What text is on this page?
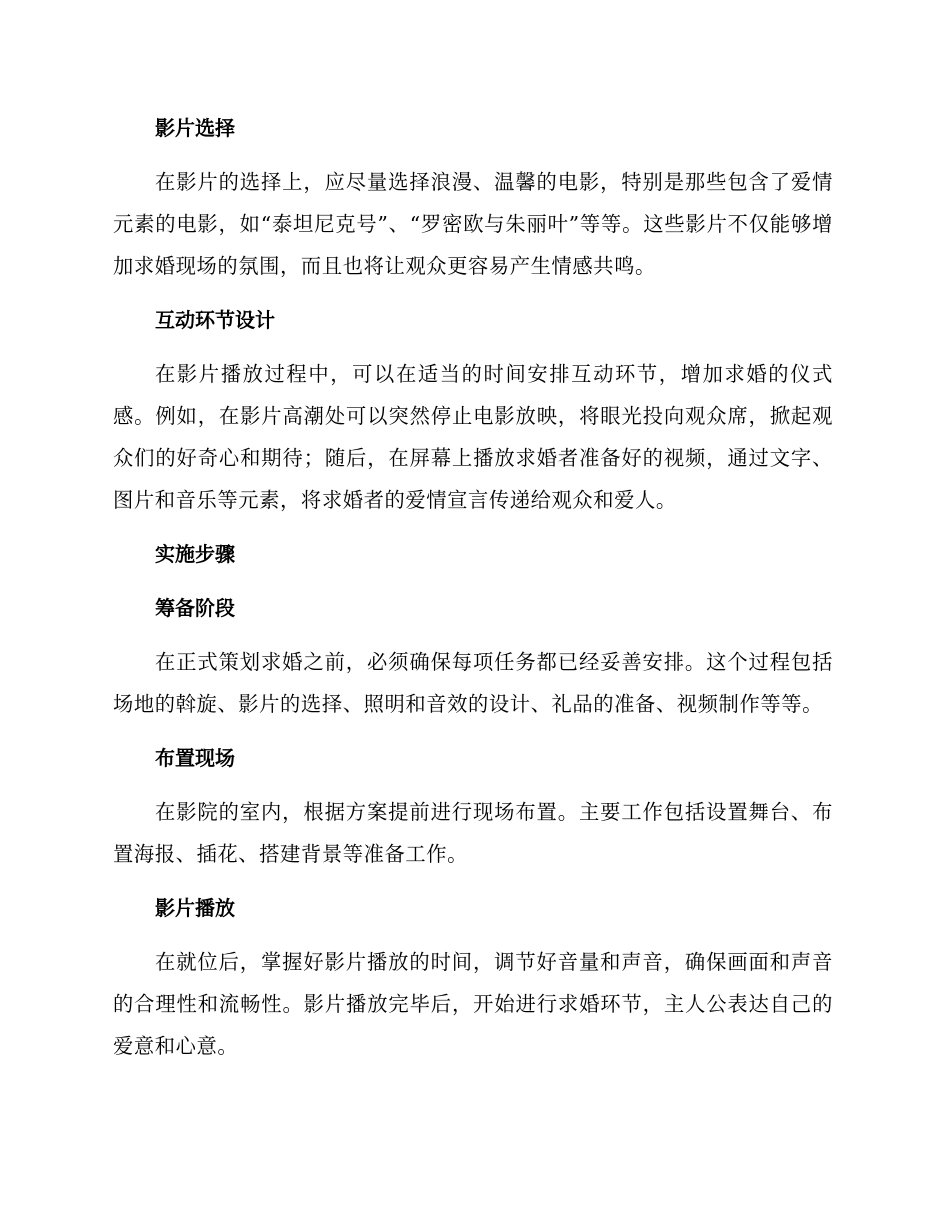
影片选择

在影片的选择上，应尽量选择浪漫、温馨的电影，特别是那些包含了爱情元素的电影，如“泰坦尼克号”、“罗密欧与朱丽叶”等等。这些影片不仅能够增加求婚现场的氛围，而且也将让观众更容易产生情感共鸣。

互动环节设计

在影片播放过程中，可以在适当的时间安排互动环节，增加求婚的仪式感。例如，在影片高潮处可以突然停止电影放映，将眼光投向观众席，掀起观众们的好奇心和期待；随后，在屏幕上播放求婚者准备好的视频，通过文字、图片和音乐等元素，将求婚者的爱情宣言传递给观众和爱人。

实施步骤
筹备阶段

在正式策划求婚之前，必须确保每项任务都已经妥善安排。这个过程包括场地的斡旋、影片的选择、照明和音效的设计、礼品的准备、视频制作等等。

布置现场

在影院的室内，根据方案提前进行现场布置。主要工作包括设置舞台、布置海报、插花、搭建背景等准备工作。

影片播放

在就位后，掌握好影片播放的时间，调节好音量和声音，确保画面和声音的合理性和流畅性。影片播放完毕后，开始进行求婚环节，主人公表达自己的爱意和心意。
